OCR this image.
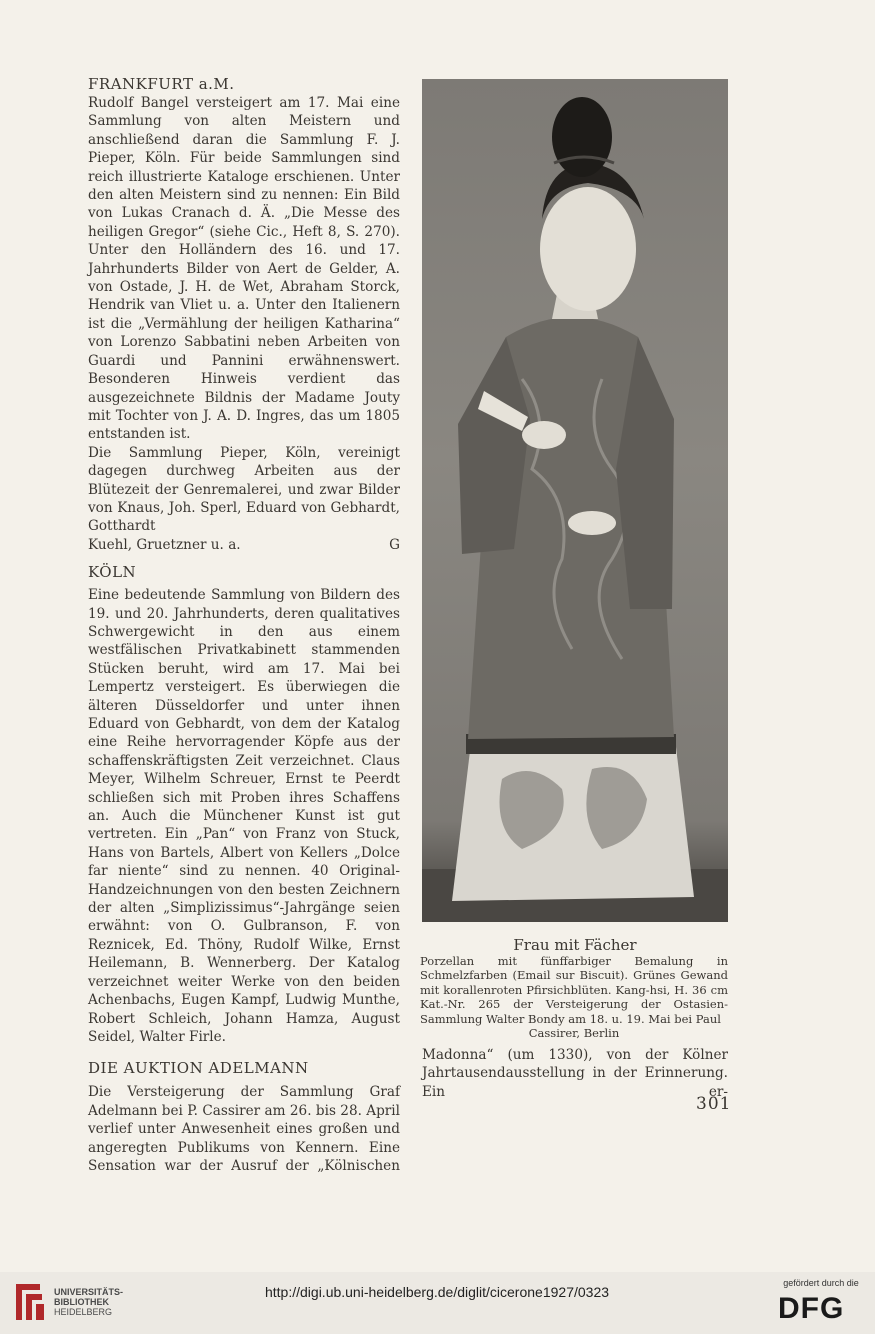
FRANKFURT a.M.

Rudolf Bangel versteigert am 17. Mai eine Sammlung von alten Meistern und anschließend daran die Sammlung F. J. Pieper, Köln. Für beide Sammlungen sind reich illustrierte Kataloge erschienen. Unter den alten Meistern sind zu nennen: Ein Bild von Lukas Cranach d. Ä. „Die Messe des heiligen Gregor“ (siehe Cic., Heft 8, S. 270). Unter den Holländern des 16. und 17. Jahrhunderts Bilder von Aert de Gelder, A. von Ostade, J. H. de Wet, Abraham Storck, Hendrik van Vliet u. a. Unter den Italienern ist die „Vermählung der heiligen Katharina“ von Lorenzo Sabbatini neben Arbeiten von Guardi und Pannini erwähnenswert. Besonderen Hinweis verdient das ausgezeichnete Bildnis der Madame Jouty mit Tochter von J. A. D. Ingres, das um 1805 entstanden ist.

Die Sammlung Pieper, Köln, vereinigt dagegen durchweg Arbeiten aus der Blütezeit der Genremalerei, und zwar Bilder von Knaus, Joh. Sperl, Eduard von Gebhardt, Gotthardt

Kuehl, Gruetzner u. a.	G
KÖLN

Eine bedeutende Sammlung von Bildern des 19. und 20. Jahrhunderts, deren qualitatives Schwergewicht in den aus einem westfälischen Privatkabinett stammenden Stücken beruht, wird am 17. Mai bei Lempertz versteigert. Es überwiegen die älteren Düsseldorfer und unter ihnen Eduard von Gebhardt, von dem der Katalog eine Reihe hervorragender Köpfe aus der schaffenskräftigsten Zeit verzeichnet. Claus Meyer, Wilhelm Schreuer, Ernst te Peerdt schließen sich mit Proben ihres Schaffens an. Auch die Münchener Kunst ist gut vertreten. Ein „Pan“ von Franz von Stuck, Hans von Bartels, Albert von Kellers „Dolce far niente“ sind zu nennen. 40 Original-Handzeichnungen von den besten Zeichnern der alten „Simplizissimus“-Jahrgänge seien erwähnt: von O. Gulbranson, F. von Reznicek, Ed. Thöny, Rudolf Wilke, Ernst Heilemann, B. Wennerberg. Der Katalog verzeichnet weiter Werke von den beiden Achenbachs, Eugen Kampf, Ludwig Munthe, Robert Schleich, Johann Hamza, August Seidel, Walter Firle.

DIE AUKTION ADELMANN

Die Versteigerung der Sammlung Graf Adelmann bei P. Cassirer am 26. bis 28. April verlief unter Anwesenheit eines großen und angeregten Publikums von Kennern. Eine Sensation war der Ausruf der „Kölnischen

Frau mit Fächer
Porzellan mit fünffarbiger Bemalung in Schmelzfarben (Email sur Biscuit). Grünes Gewand mit korallenroten Pfirsichblüten. Kang-hsi, H. 36 cm Kat.-Nr. 265 der Versteigerung der Ostasien-Sammlung Walter Bondy am 18. u. 19. Mai bei Paul
Cassirer, Berlin

Madonna“ (um 1330), von der Kölner Jahrtausendausstellung in der Erinnerung. Ein er-

301
UNIVERSITÄTS-
BIBLIOTHEK
HEIDELBERG
http://digi.ub.uni-heidelberg.de/diglit/cicerone1927/0323
gefördert durch die
DFG
